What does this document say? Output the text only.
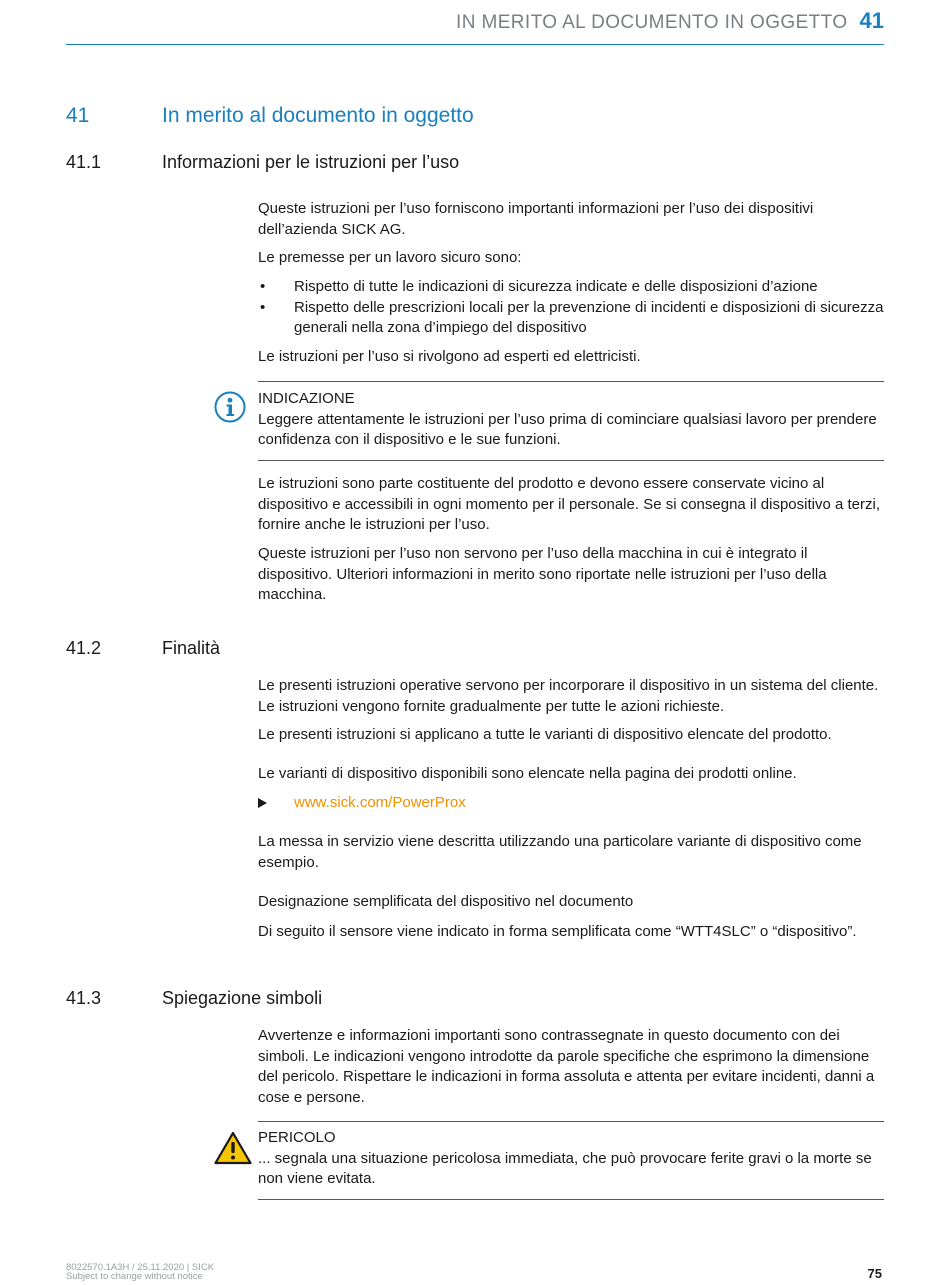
IN MERITO AL DOCUMENTO IN OGGETTO 41
41	In merito al documento in oggetto
41.1	Informazioni per le istruzioni per l’uso

Queste istruzioni per l’uso forniscono importanti informazioni per l’uso dei dispositivi dell’azienda SICK AG.

Le premesse per un lavoro sicuro sono:

• Rispetto di tutte le indicazioni di sicurezza indicate e delle disposizioni d’azione
• Rispetto delle prescrizioni locali per la prevenzione di incidenti e disposizioni di sicurezza generali nella zona d’impiego del dispositivo

Le istruzioni per l’uso si rivolgono ad esperti ed elettricisti.

INDICAZIONE

Leggere attentamente le istruzioni per l’uso prima di cominciare qualsiasi lavoro per prendere confidenza con il dispositivo e le sue funzioni.

Le istruzioni sono parte costituente del prodotto e devono essere conservate vicino al dispositivo e accessibili in ogni momento per il personale. Se si consegna il dispositivo a terzi, fornire anche le istruzioni per l’uso.

Queste istruzioni per l’uso non servono per l’uso della macchina in cui è integrato il dispositivo. Ulteriori informazioni in merito sono riportate nelle istruzioni per l’uso della macchina.

41.2	Finalità

Le presenti istruzioni operative servono per incorporare il dispositivo in un sistema del cliente. Le istruzioni vengono fornite gradualmente per tutte le azioni richieste.

Le presenti istruzioni si applicano a tutte le varianti di dispositivo elencate del prodotto.

Le varianti di dispositivo disponibili sono elencate nella pagina dei prodotti online.

www.sick.com/PowerProx

La messa in servizio viene descritta utilizzando una particolare variante di dispositivo come esempio.

Designazione semplificata del dispositivo nel documento

Di seguito il sensore viene indicato in forma semplificata come “WTT4SLC” o “dispositivo”.

41.3	Spiegazione simboli

Avvertenze e informazioni importanti sono contrassegnate in questo documento con dei simboli. Le indicazioni vengono introdotte da parole specifiche che esprimono la dimensione del pericolo. Rispettare le indicazioni in forma assoluta e attenta per evitare incidenti, danni a cose e persone.

PERICOLO

... segnala una situazione pericolosa immediata, che può provocare ferite gravi o la morte se non viene evitata.

8022570.1A3H / 25.11.2020 | SICK
Subject to change without notice	75
